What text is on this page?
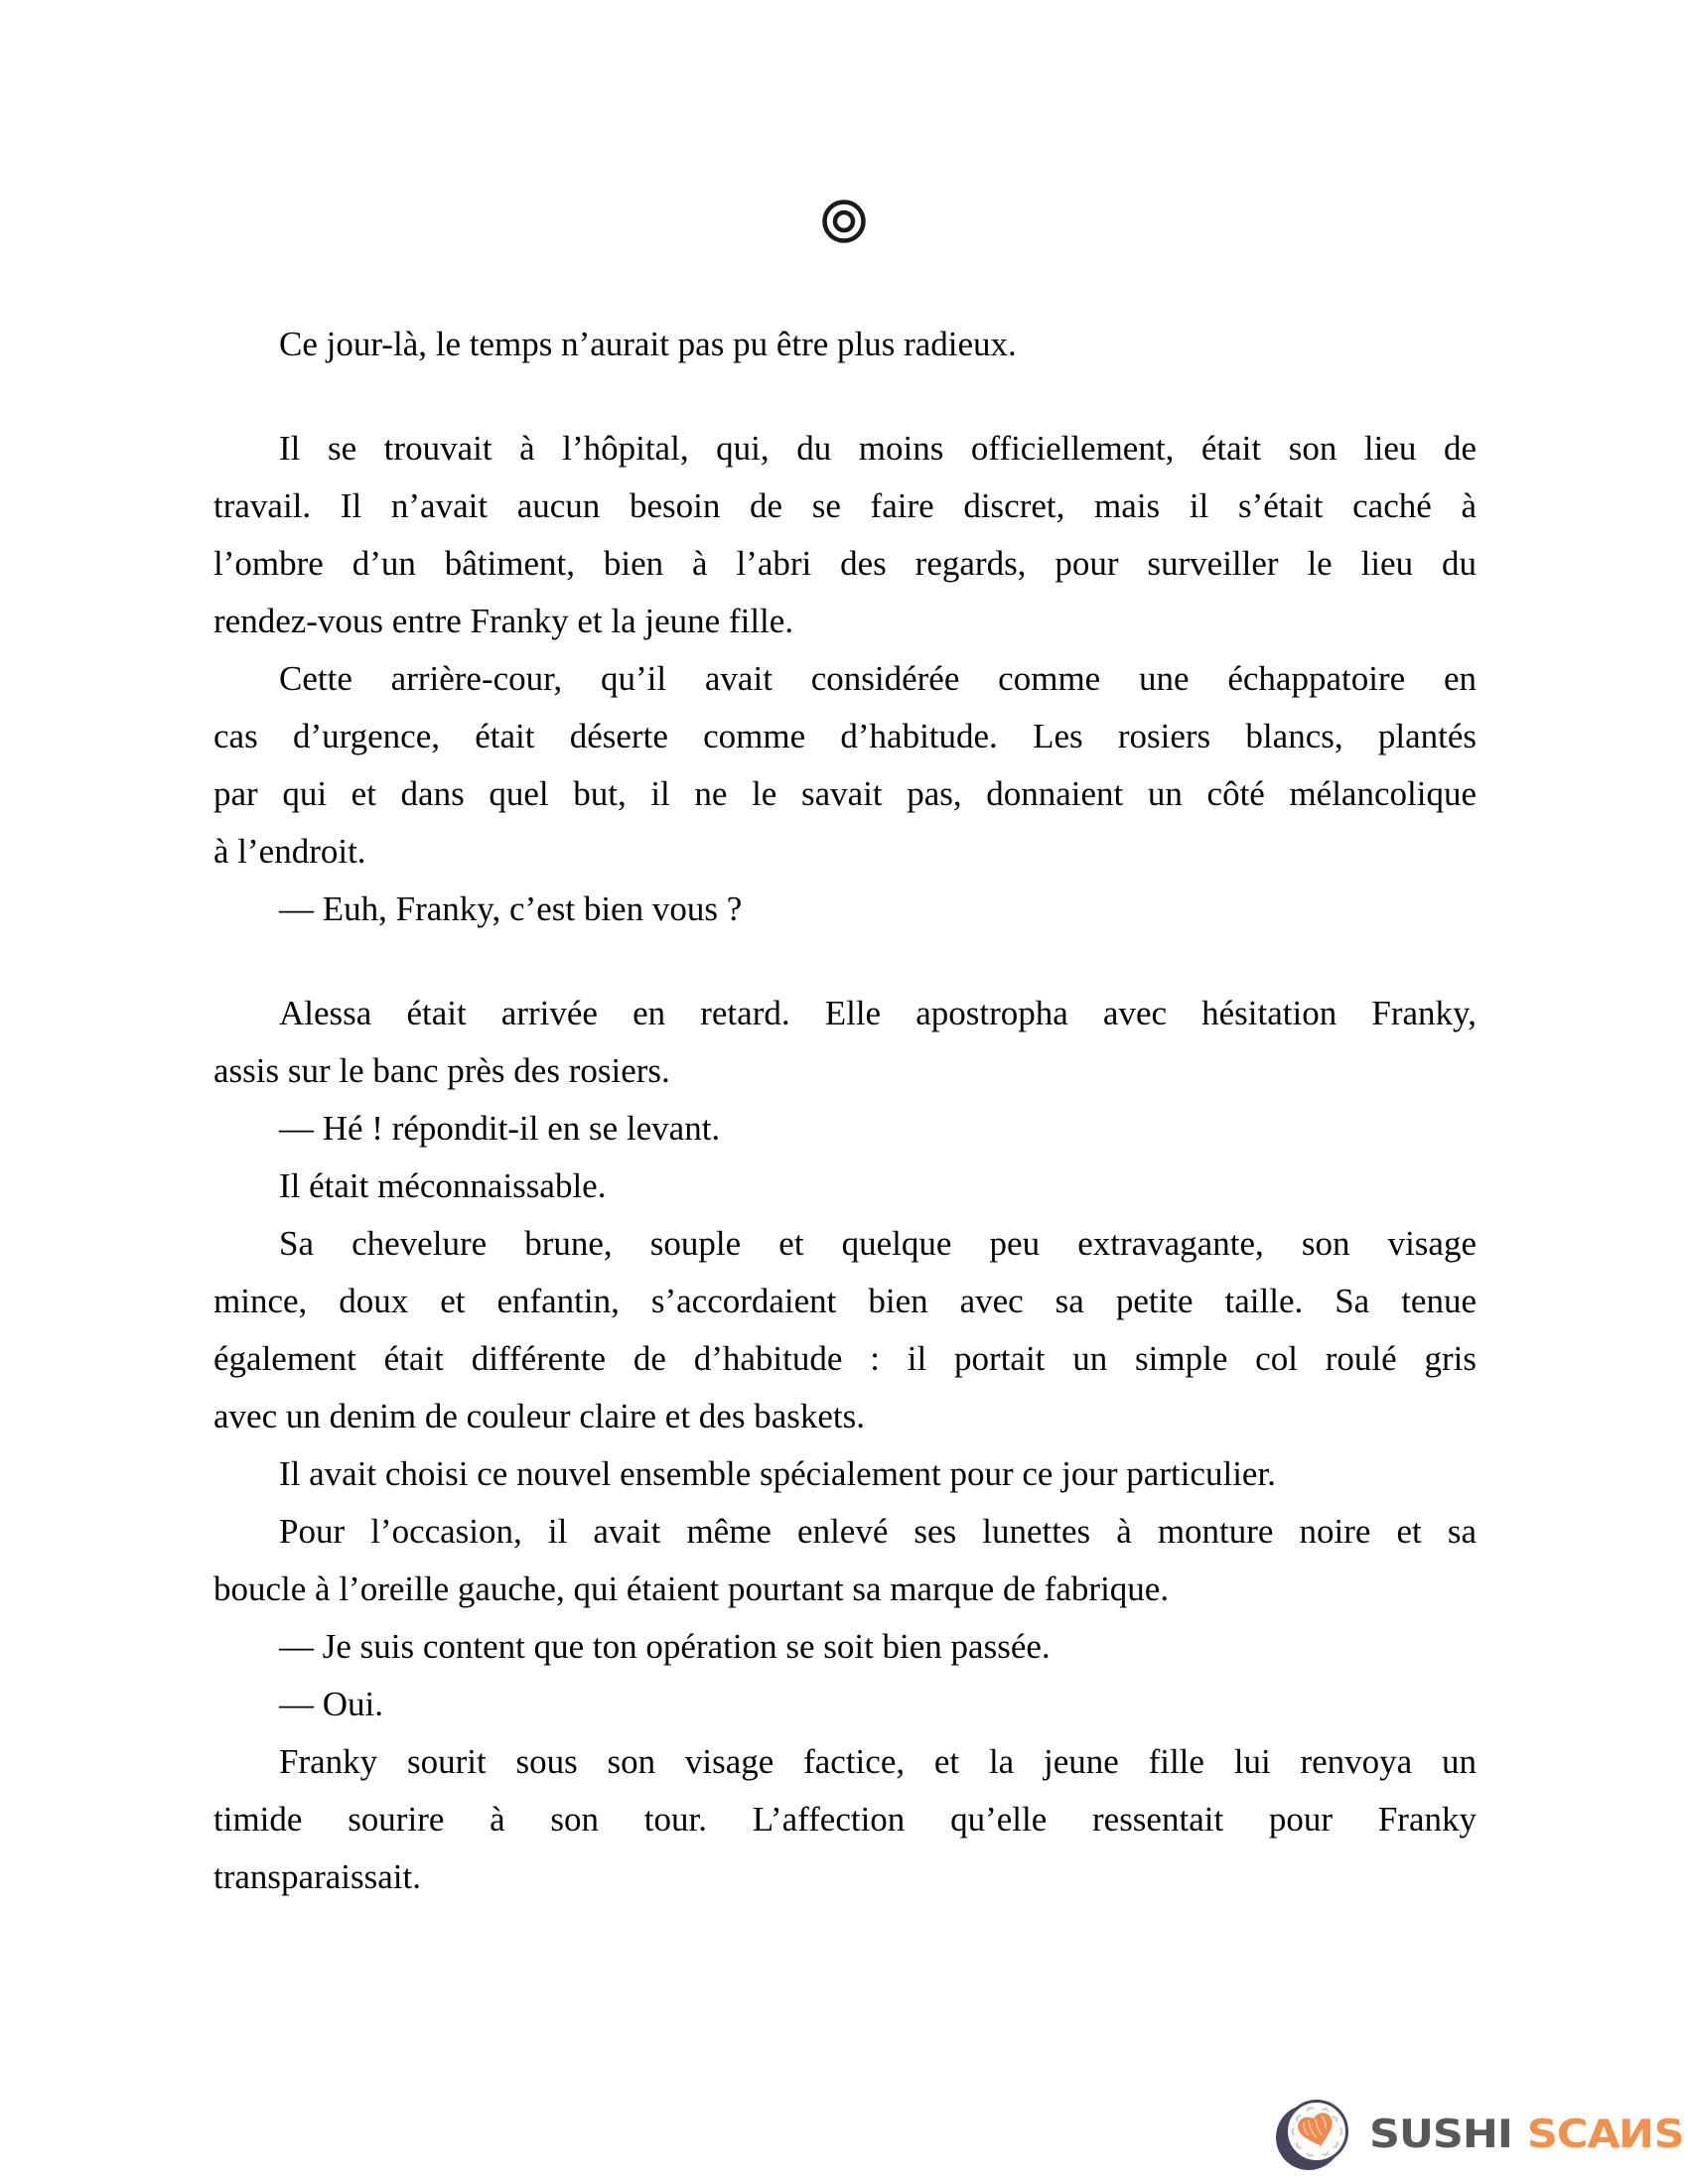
Ce jour-là, le temps n’aurait pas pu être plus radieux.

Il se trouvait à l’hôpital, qui, du moins officiellement, était son lieu de
travail. Il n’avait aucun besoin de se faire discret, mais il s’était caché à
l’ombre d’un bâtiment, bien à l’abri des regards, pour surveiller le lieu du
rendez-vous entre Franky et la jeune fille.

Cette arrière-cour, qu’il avait considérée comme une échappatoire en
cas d’urgence, était déserte comme d’habitude. Les rosiers blancs, plantés
par qui et dans quel but, il ne le savait pas, donnaient un côté mélancolique
à l’endroit.

— Euh, Franky, c’est bien vous ?

Alessa était arrivée en retard. Elle apostropha avec hésitation Franky,
assis sur le banc près des rosiers.

— Hé ! répondit-il en se levant.

Il était méconnaissable.

Sa chevelure brune, souple et quelque peu extravagante, son visage
mince, doux et enfantin, s’accordaient bien avec sa petite taille. Sa tenue
également était différente de d’habitude : il portait un simple col roulé gris
avec un denim de couleur claire et des baskets.

Il avait choisi ce nouvel ensemble spécialement pour ce jour particulier.

Pour l’occasion, il avait même enlevé ses lunettes à monture noire et sa
boucle à l’oreille gauche, qui étaient pourtant sa marque de fabrique.

— Je suis content que ton opération se soit bien passée.

— Oui.

Franky sourit sous son visage factice, et la jeune fille lui renvoya un
timide sourire à son tour. L’affection qu’elle ressentait pour Franky
transparaissait.

SUSHI SCANS
